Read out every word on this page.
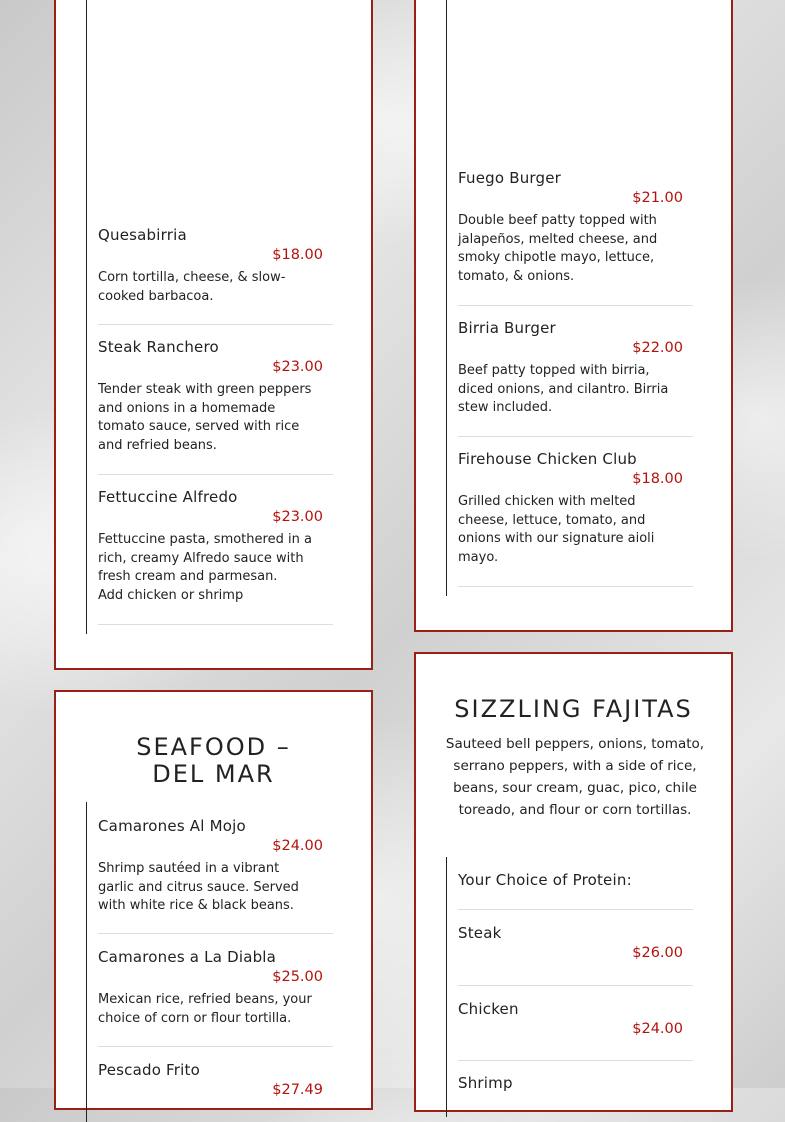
Quesabirria
$18.00
Corn tortilla, cheese, & slow-cooked barbacoa.
Steak Ranchero
$23.00
Tender steak with green peppers and onions in a homemade tomato sauce, served with rice and refried beans.
Fettuccine Alfredo
$23.00
Fettuccine pasta, smothered in a rich, creamy Alfredo sauce with fresh cream and parmesan.
Add chicken or shrimp
Fuego Burger
$21.00
Double beef patty topped with jalapeños, melted cheese, and smoky chipotle mayo, lettuce, tomato, & onions.
Birria Burger
$22.00
Beef patty topped with birria, diced onions, and cilantro. Birria stew included.
Firehouse Chicken Club
$18.00
Grilled chicken with melted cheese, lettuce, tomato, and onions with our signature aioli mayo.
SEAFOOD – DEL MAR
Camarones Al Mojo
$24.00
Shrimp sautéed in a vibrant garlic and citrus sauce. Served with white rice & black beans.
Camarones a La Diabla
$25.00
Mexican rice, refried beans, your choice of corn or flour tortilla.
Pescado Frito
$27.49
SIZZLING FAJITAS
Sauteed bell peppers, onions, tomato, serrano peppers, with a side of rice, beans, sour cream, guac, pico, chile toreado, and flour or corn tortillas.
Your Choice of Protein:
Steak
$26.00
Chicken
$24.00
Shrimp
